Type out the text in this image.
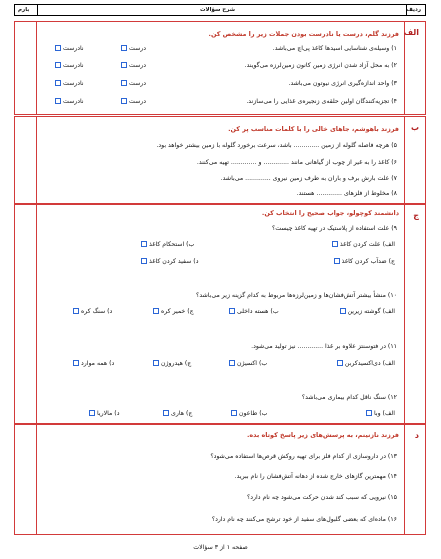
ردیف
شرح سؤالات
بارم
الف
فرزند گلم، درست یا نادرست بودن جملات زیر را مشخص کن.
۱) وسیله‌ی شناسایی اسیدها کاغذ پی‌اچ می‌باشد.
۲) به محل آزاد شدن انرژی زمین کانون زمین‌لرزه می‌گویند.
۳) واحد اندازه‌گیری انرژی نیوتون می‌باشد.
۴) تجزیه‌کنندگان اولین حلقه‌ی زنجیره‌ی غذایی را می‌سازند.
درست
نادرست
درست
نادرست
درست
نادرست
درست
نادرست
ب
فرزند باهوشم، جاهای خالی را با کلمات مناسب پر کن.
۵) هرچه فاصله گلوله از زمین ............. باشد، سرعت برخورد گلوله با زمین بیشتر خواهد بود.
۶) کاغذ را به غیر از چوب از گیاهانی مانند ............. و ............. تهیه می‌کنند.
۷) علت بارش برف و باران به طرف زمین نیروی ............. می‌باشد.
۸) مخلوط از فلزهای ............. هستند.
ج
دانشمند کوچولو، جواب صحیح را انتخاب کن.
۹) علت استفاده از پلاستیک در تهیه کاغذ چیست؟
الف) علت کردن کاغذ
ب) استحکام کاغذ
ج) ضدآب کردن کاغذ
د) سفید کردن کاغذ
۱۰) منشأ بیشتر آتش‌فشان‌ها و زمین‌لرزه‌ها مربوط به کدام گزینه زیر می‌باشد؟
الف) گوشته زیرین
ب) هسته داخلی
ج) خمیر کره
د) سنگ کره
۱۱) در فتوسنتز علاوه بر غذا ............. نیز تولید می‌شود.
الف) دی‌اکسیدکربن
ب) اکسیژن
ج) هیدروژن
د) همه موارد
۱۲) سنگ ناقل کدام بیماری می‌باشد؟
الف) وبا
ب) طاعون
ج) هاری
د) مالاریا
د
فرزند نازنینم، به پرسش‌های زیر پاسخ کوتاه بده.
۱۳) در داروسازی از کدام فلز برای تهیه روکش قرص‌ها استفاده می‌شود؟
۱۴) مهمترین گازهای خارج شده از دهانه آتش‌فشان را نام ببرید.
۱۵) نیرویی که سبب کند شدن حرکت می‌شود چه نام دارد؟
۱۶) ماده‌ای که بعضی گلبول‌های سفید از خود ترشح می‌کنند چه نام دارد؟
صفحه ۱ از ۳ سؤالات
